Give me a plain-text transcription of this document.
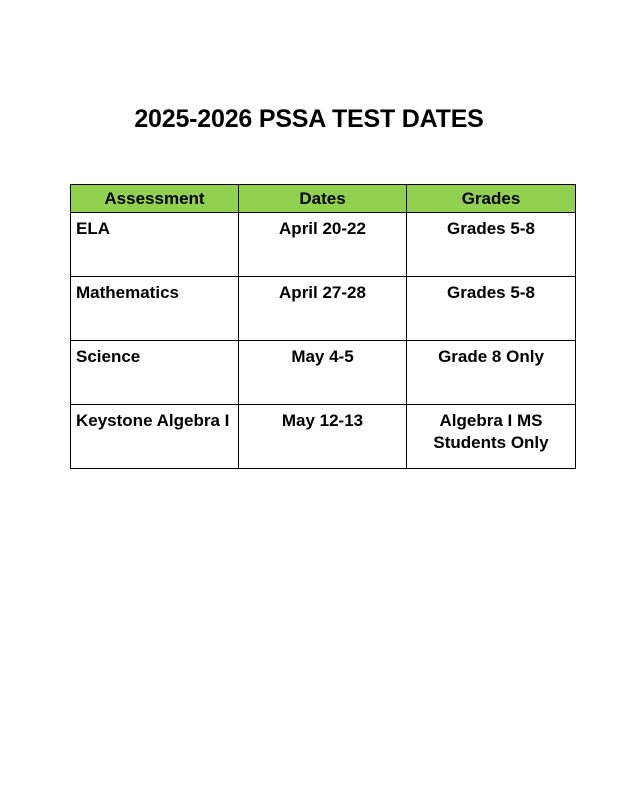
2025-2026 PSSA TEST DATES
Assessment	Dates	Grades
ELA	April 20-22	Grades 5-8

Mathematics	April 27-28	Grades 5-8

Science	May 4-5	Grade 8 Only

Keystone Algebra I	May 12-13	Algebra I MS
Students Only
